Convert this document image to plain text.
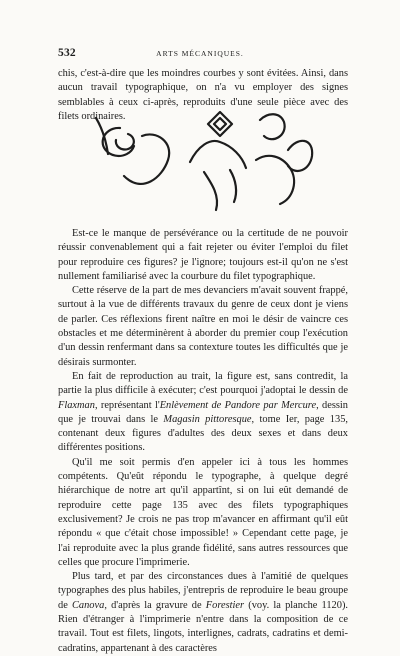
532	ARTS MÉCANIQUES.

chis, c'est-à-dire que les moindres courbes y sont évitées. Ainsi, dans aucun travail typographique, on n'a vu employer des signes semblables à ceux ci-après, reproduits d'une seule pièce avec des filets ordinaires.

Est-ce le manque de persévérance ou la certitude de ne pouvoir réussir convenablement qui a fait rejeter ou éviter l'emploi du filet pour reproduire ces figures? je l'ignore; toujours est-il qu'on ne s'est nullement familiarisé avec la courbure du filet typographique.

Cette réserve de la part de mes devanciers m'avait souvent frappé, surtout à la vue de différents travaux du genre de ceux dont je viens de parler. Ces réflexions firent naître en moi le désir de vaincre ces obstacles et me déterminèrent à aborder du premier coup l'exécution d'un dessin renfermant dans sa contexture toutes les difficultés que je désirais surmonter.

En fait de reproduction au trait, la figure est, sans contredit, la partie la plus difficile à exécuter; c'est pourquoi j'adoptai le dessin de Flaxman, représentant l'Enlèvement de Pandore par Mercure, dessin que je trouvai dans le Magasin pittoresque, tome Ier, page 135, contenant deux figures d'adultes des deux sexes et dans deux différentes positions.

Qu'il me soit permis d'en appeler ici à tous les hommes compétents. Qu'eût répondu le typographe, à quelque degré hiérarchique de notre art qu'il appartînt, si on lui eût demandé de reproduire cette page 135 avec des filets typographiques exclusivement? Je crois ne pas trop m'avancer en affirmant qu'il eût répondu « que c'était chose impossible! » Cependant cette page, je l'ai reproduite avec la plus grande fidélité, sans autres ressources que celles que procure l'imprimerie.

Plus tard, et par des circonstances dues à l'amitié de quelques typographes des plus habiles, j'entrepris de reproduire le beau groupe de Canova, d'après la gravure de Forestier (voy. la planche 1120). Rien d'étranger à l'imprimerie n'entre dans la composition de ce travail. Tout est filets, lingots, interlignes, cadrats, cadratins et demi-cadratins, appartenant à des caractères
